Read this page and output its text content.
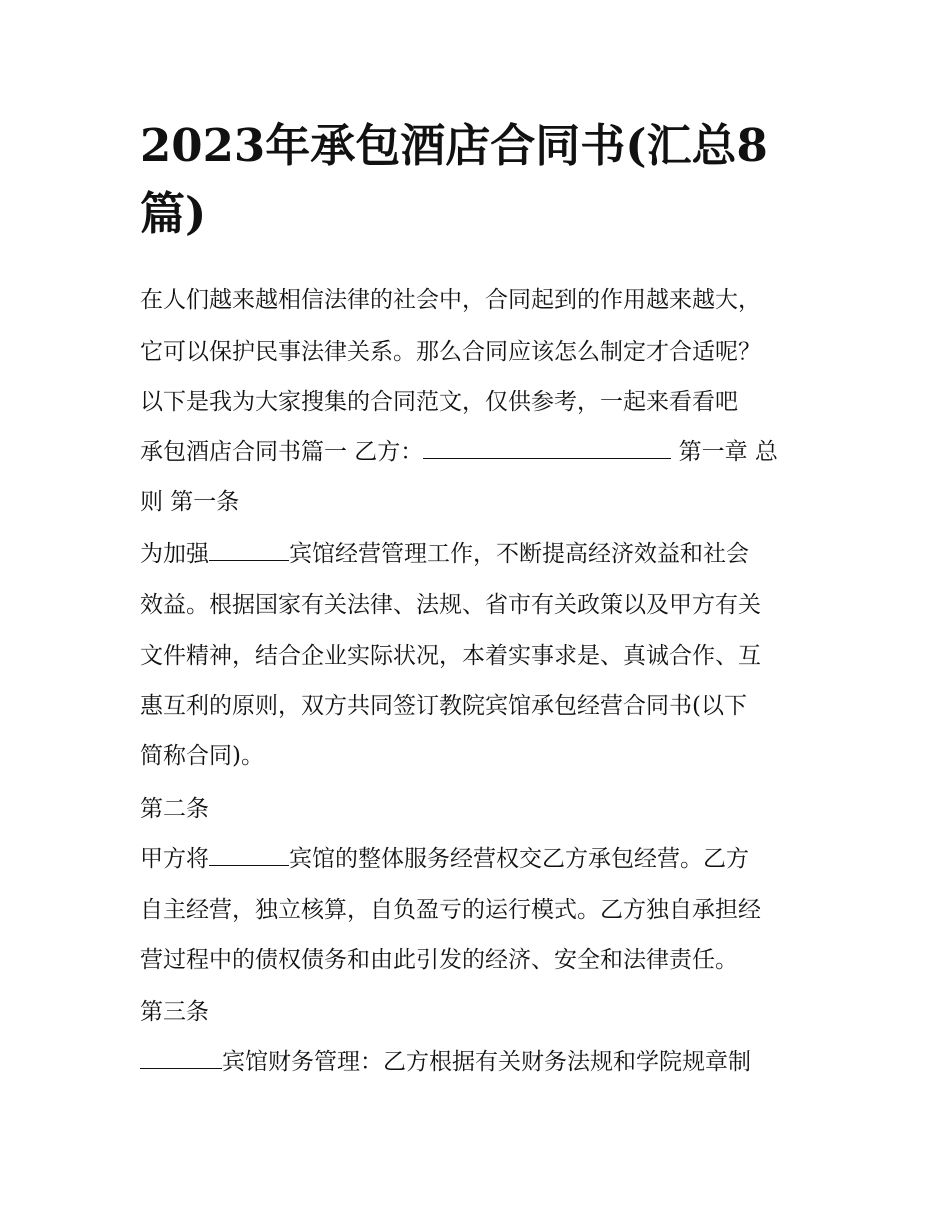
2023年承包酒店合同书(汇总8
篇)

在人们越来越相信法律的社会中，合同起到的作用越来越大，

它可以保护民事法律关系。那么合同应该怎么制定才合适呢？

以下是我为大家搜集的合同范文，仅供参考，一起来看看吧

承包酒店合同书篇一 乙方：	第一章 总

则 第一条

为加强	宾馆经营管理工作，不断提高经济效益和社会

效益。根据国家有关法律、法规、省市有关政策以及甲方有关

文件精神，结合企业实际状况，本着实事求是、真诚合作、互

惠互利的原则，双方共同签订教院宾馆承包经营合同书(以下

简称合同)。

第二条

甲方将	宾馆的整体服务经营权交乙方承包经营。乙方

自主经营，独立核算，自负盈亏的运行模式。乙方独自承担经

营过程中的债权债务和由此引发的经济、安全和法律责任。

第三条

宾馆财务管理：乙方根据有关财务法规和学院规章制
